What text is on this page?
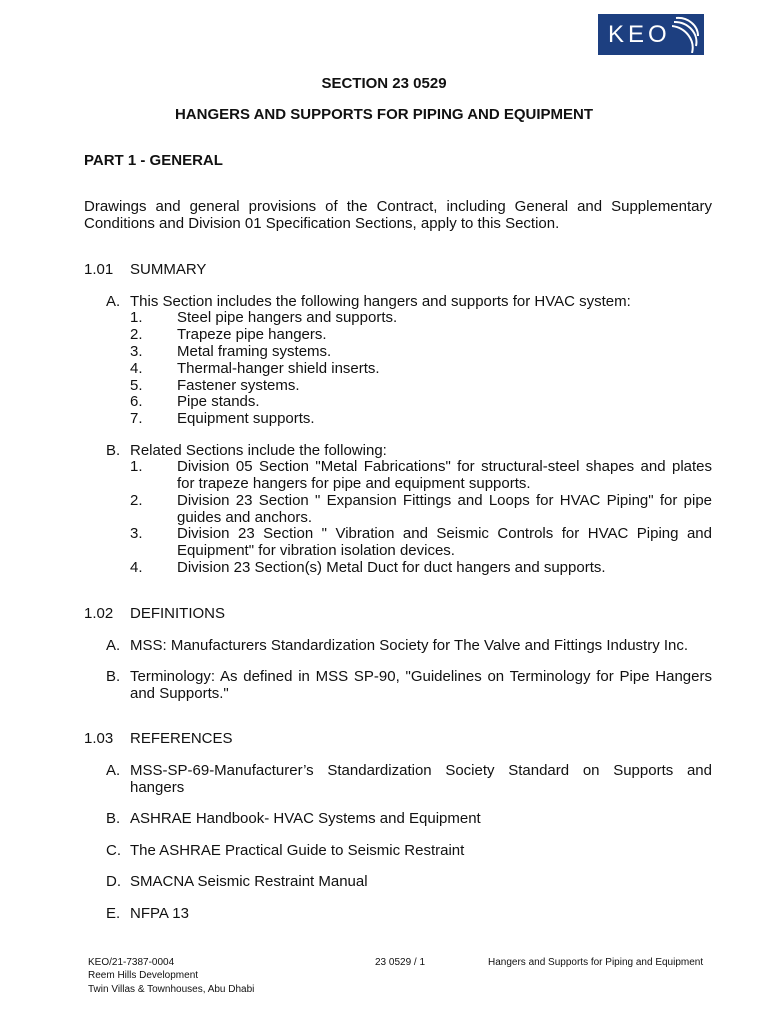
KEO
SECTION 23 0529
HANGERS AND SUPPORTS FOR PIPING AND EQUIPMENT
PART 1 - GENERAL
Drawings and general provisions of the Contract, including General and Supplementary
Conditions and Division 01 Specification Sections, apply to this Section.
1.01 SUMMARY
A. This Section includes the following hangers and supports for HVAC system:
1. Steel pipe hangers and supports.
2. Trapeze pipe hangers.
3. Metal framing systems.
4. Thermal-hanger shield inserts.
5. Fastener systems.
6. Pipe stands.
7. Equipment supports.
B. Related Sections include the following:
1. Division 05 Section "Metal Fabrications" for structural-steel shapes and plates
for trapeze hangers for pipe and equipment supports.
2. Division 23 Section " Expansion Fittings and Loops for HVAC Piping" for pipe
guides and anchors.
3. Division 23 Section " Vibration and Seismic Controls for HVAC Piping and
Equipment" for vibration isolation devices.
4. Division 23 Section(s) Metal Duct for duct hangers and supports.
1.02 DEFINITIONS
A. MSS: Manufacturers Standardization Society for The Valve and Fittings Industry Inc.
B. Terminology: As defined in MSS SP-90, "Guidelines on Terminology for Pipe Hangers
and Supports."
1.03 REFERENCES
A. MSS-SP-69-Manufacturer’s Standardization Society Standard on Supports and
hangers
B. ASHRAE Handbook- HVAC Systems and Equipment
C. The ASHRAE Practical Guide to Seismic Restraint
D. SMACNA Seismic Restraint Manual
E. NFPA 13
KEO/21-7387-0004
Reem Hills Development
Twin Villas & Townhouses, Abu Dhabi
23 0529 / 1	Hangers and Supports for Piping and Equipment
